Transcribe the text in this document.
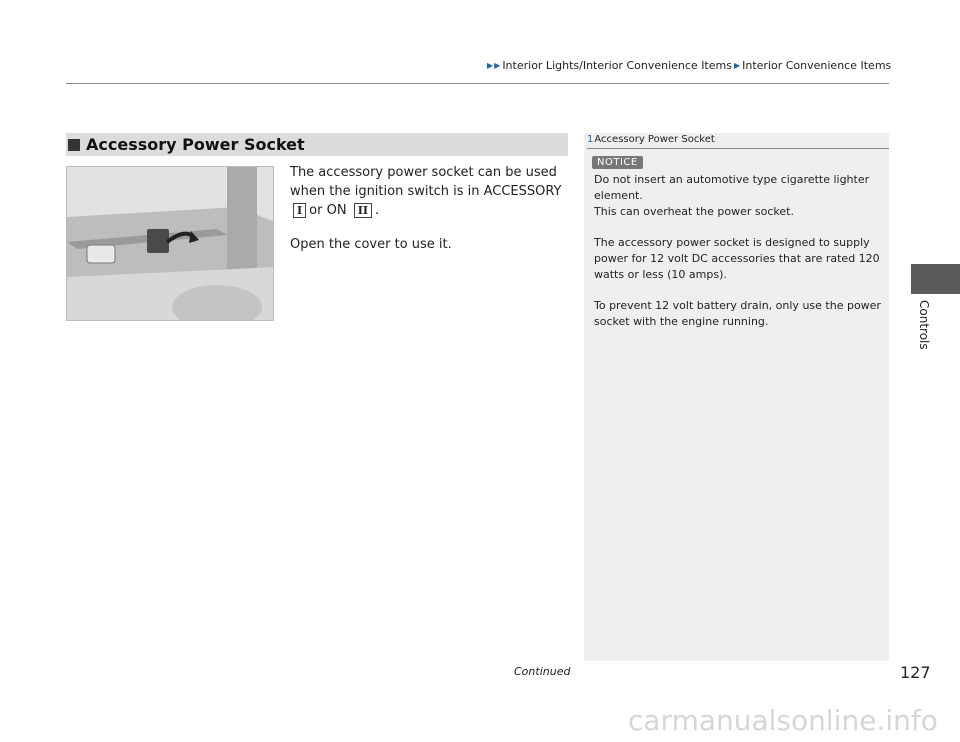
▶ ▶ Interior Lights/Interior Convenience Items ▶ Interior Convenience Items
Controls
Accessory Power Socket

The accessory power socket can be used when the ignition switch is in ACCESSORYI or ON II .

Open the cover to use it.

1Accessory Power Socket
NOTICE

Do not insert an automotive type cigarette lighter element.
This can overheat the power socket.

The accessory power socket is designed to supply power for 12 volt DC accessories that are rated 120 watts or less (10 amps).

To prevent 12 volt battery drain, only use the power socket with the engine running.

Continued	127
carmanualsonline.info
